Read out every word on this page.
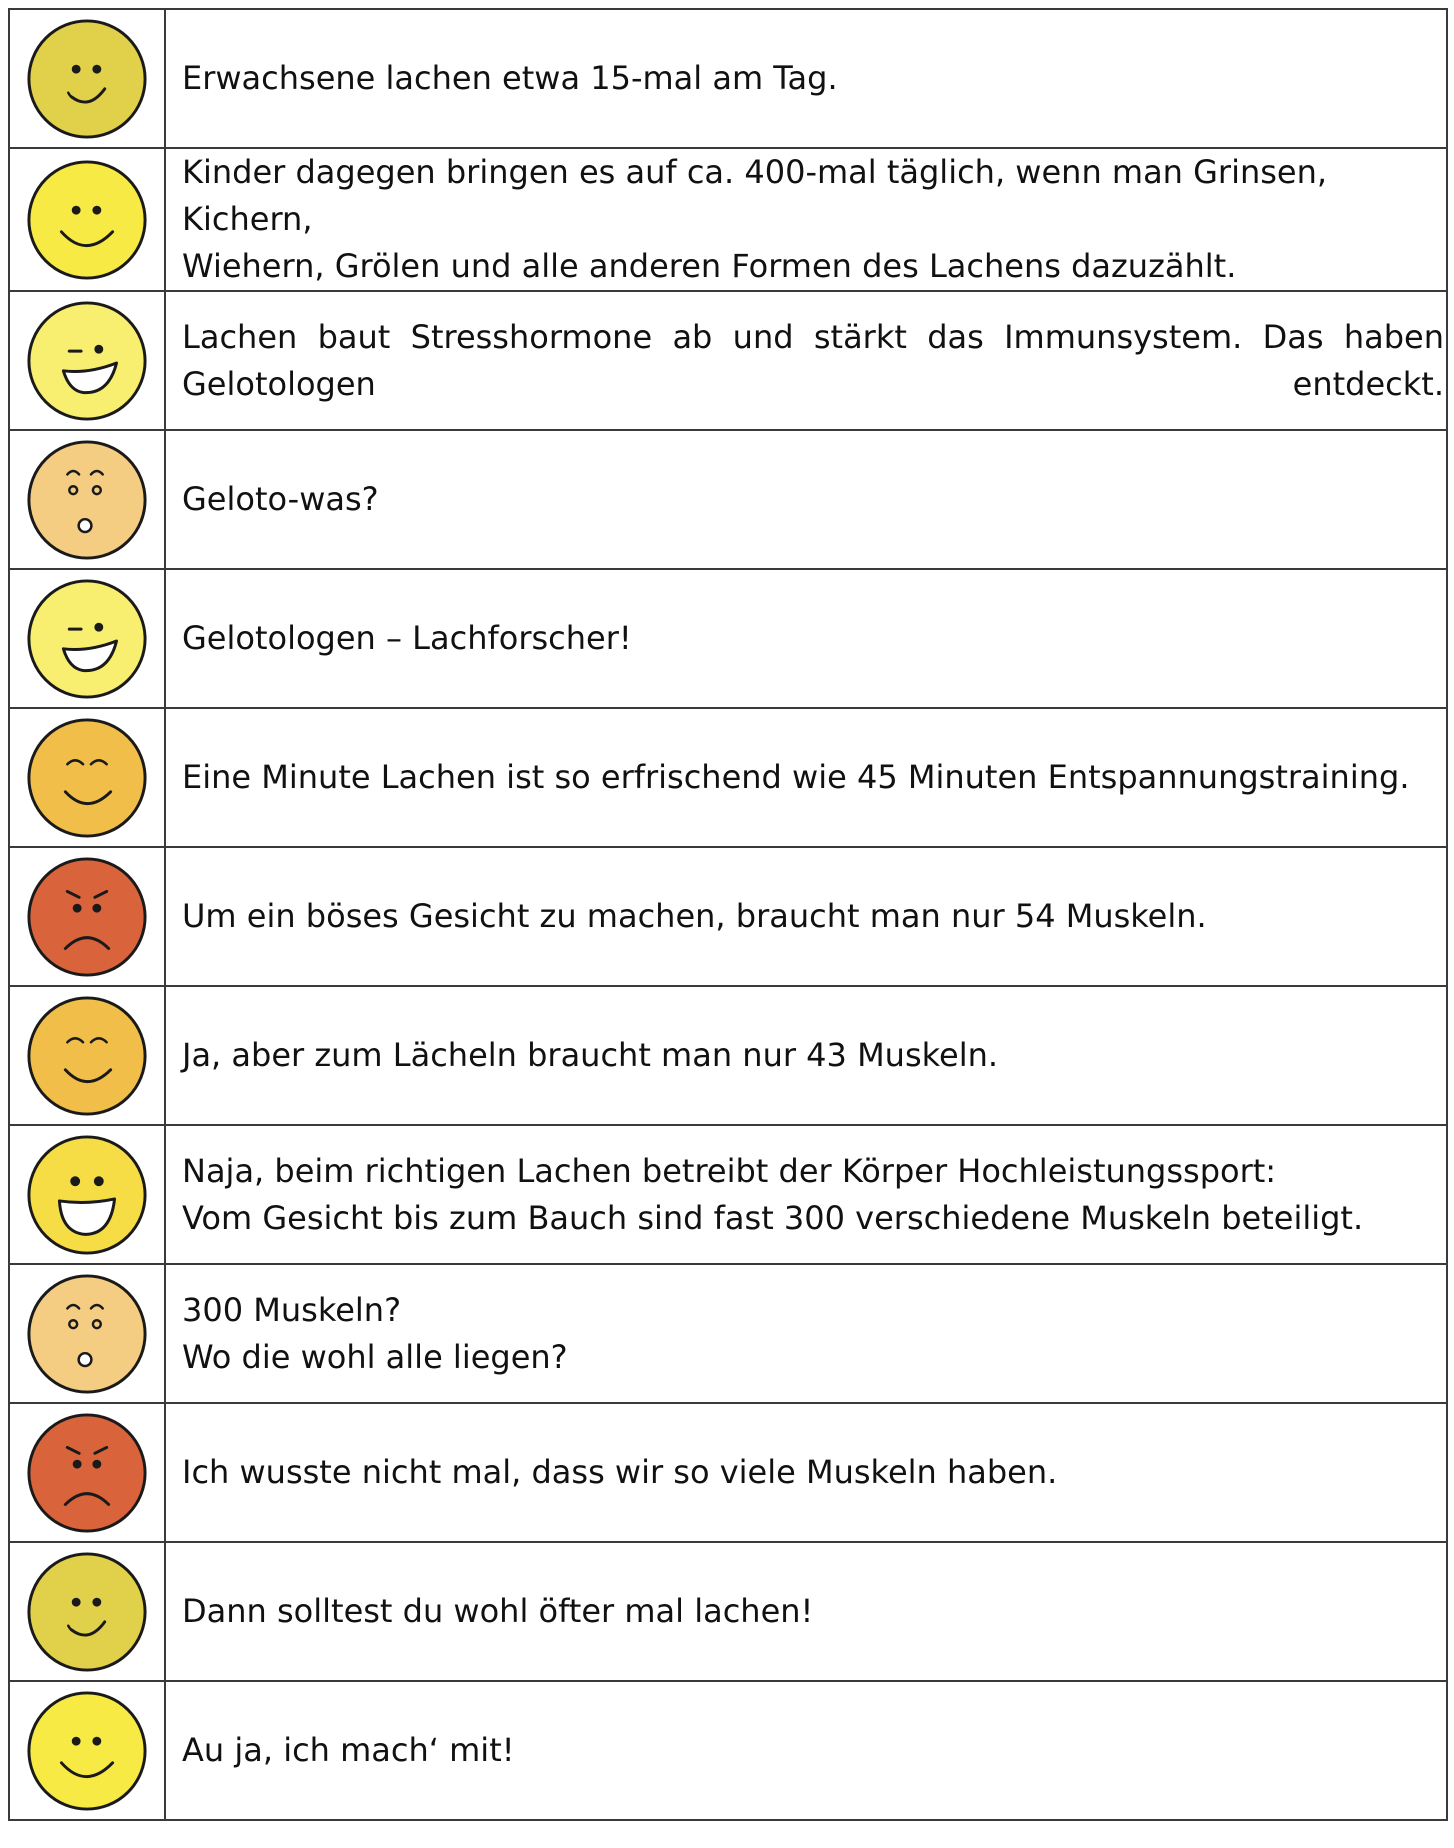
	Erwachsene lachen etwa 15-mal am Tag.

	Kinder dagegen bringen es auf ca. 400-mal täglich, wenn man Grinsen, Kichern,
Wiehern, Grölen und alle anderen Formen des Lachens dazuzählt.

	Lachen baut Stresshormone ab und stärkt das Immunsystem. Das haben Gelotologen entdeckt.

	Geloto-was?

	Gelotologen – Lachforscher!

	Eine Minute Lachen ist so erfrischend wie 45 Minuten Entspannungstraining.

	Um ein böses Gesicht zu machen, braucht man nur 54 Muskeln.

	Ja, aber zum Lächeln braucht man nur 43 Muskeln.

	Naja, beim richtigen Lachen betreibt der Körper Hochleistungssport:
Vom Gesicht bis zum Bauch sind fast 300 verschiedene Muskeln beteiligt.

	300 Muskeln?
Wo die wohl alle liegen?

	Ich wusste nicht mal, dass wir so viele Muskeln haben.

	Dann solltest du wohl öfter mal lachen!

	Au ja, ich mach‘ mit!
